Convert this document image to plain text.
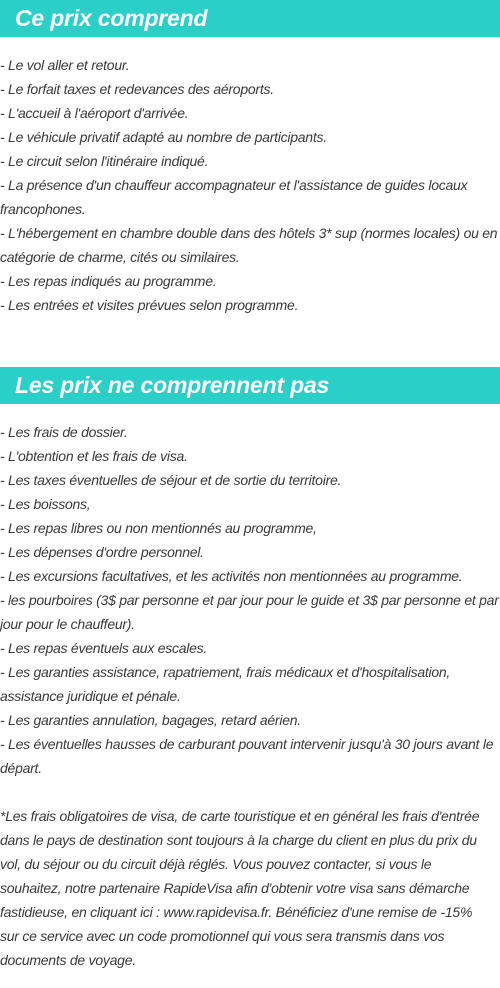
Ce prix comprend
- Le vol aller et retour.
- Le forfait taxes et redevances des aéroports.
- L'accueil à l'aéroport d'arrivée.
- Le véhicule privatif adapté au nombre de participants.
- Le circuit selon l'itinéraire indiqué.
- La présence d'un chauffeur accompagnateur et l'assistance de guides locaux francophones.
- L'hébergement en chambre double dans des hôtels 3* sup (normes locales) ou en catégorie de charme, cités ou similaires.
- Les repas indiqués au programme.
- Les entrées et visites prévues selon programme.
Les prix ne comprennent pas
- Les frais de dossier.
- L'obtention et les frais de visa.
- Les taxes éventuelles de séjour et de sortie du territoire.
- Les boissons,
- Les repas libres ou non mentionnés au programme,
- Les dépenses d'ordre personnel.
- Les excursions facultatives, et les activités non mentionnées au programme.
- les pourboires (3$ par personne et par jour pour le guide et 3$ par personne et par jour pour le chauffeur).
- Les repas éventuels aux escales.
- Les garanties assistance, rapatriement, frais médicaux et d'hospitalisation, assistance juridique et pénale.
- Les garanties annulation, bagages, retard aérien.
- Les éventuelles hausses de carburant pouvant intervenir jusqu'à 30 jours avant le départ.

*Les frais obligatoires de visa, de carte touristique et en général les frais d'entrée dans le pays de destination sont toujours à la charge du client en plus du prix du vol, du séjour ou du circuit déjà réglés. Vous pouvez contacter, si vous le souhaitez, notre partenaire RapideVisa afin d'obtenir votre visa sans démarche fastidieuse, en cliquant ici : www.rapidevisa.fr. Bénéficiez d'une remise de -15% sur ce service avec un code promotionnel qui vous sera transmis dans vos documents de voyage.
